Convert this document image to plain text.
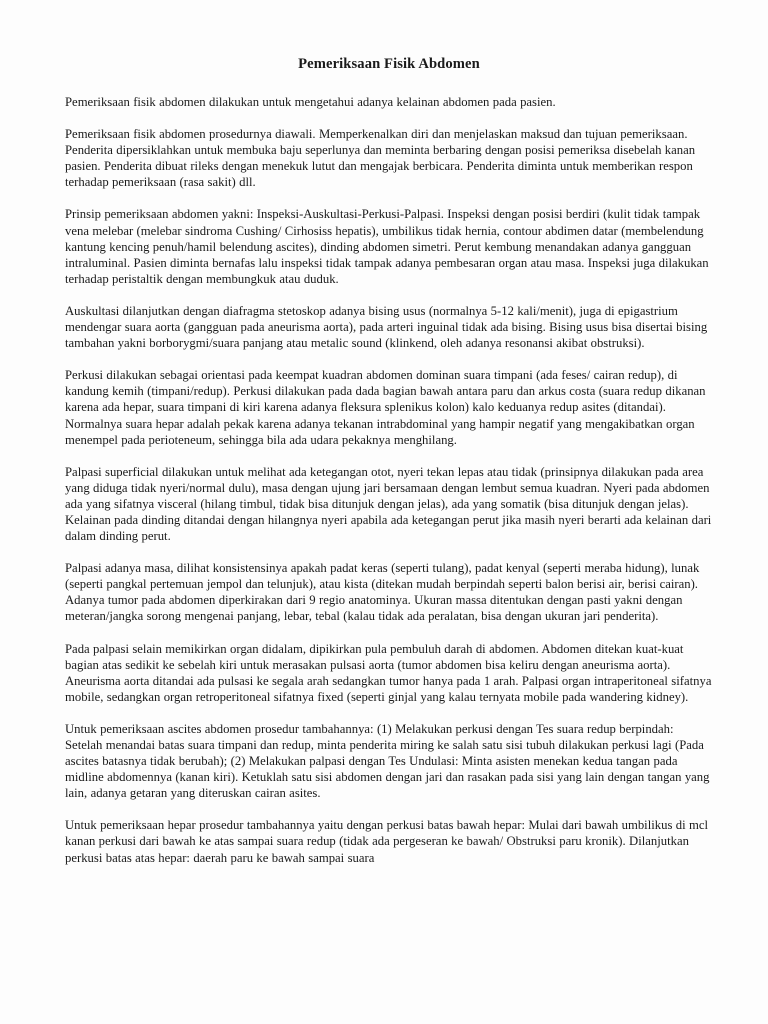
Pemeriksaan Fisik Abdomen

Pemeriksaan fisik abdomen dilakukan untuk mengetahui adanya kelainan abdomen pada pasien.

Pemeriksaan fisik abdomen prosedurnya diawali. Memperkenalkan diri dan menjelaskan maksud dan tujuan pemeriksaan. Penderita dipersiklahkan untuk membuka baju seperlunya dan meminta berbaring dengan posisi pemeriksa disebelah kanan pasien. Penderita dibuat rileks dengan menekuk lutut dan mengajak berbicara. Penderita diminta untuk memberikan respon terhadap pemeriksaan (rasa sakit) dll.

Prinsip pemeriksaan abdomen yakni: Inspeksi-Auskultasi-Perkusi-Palpasi. Inspeksi dengan posisi berdiri (kulit tidak tampak vena melebar (melebar sindroma Cushing/ Cirhosiss hepatis), umbilikus tidak hernia, contour abdimen datar (membelendung kantung kencing penuh/hamil belendung ascites), dinding abdomen simetri. Perut kembung menandakan adanya gangguan intraluminal. Pasien diminta bernafas lalu inspeksi tidak tampak adanya pembesaran organ atau masa. Inspeksi juga dilakukan terhadap peristaltik dengan membungkuk atau duduk.

Auskultasi dilanjutkan dengan diafragma stetoskop adanya bising usus (normalnya 5-12 kali/menit), juga di epigastrium mendengar suara aorta (gangguan pada aneurisma aorta), pada arteri inguinal tidak ada bising. Bising usus bisa disertai bising tambahan yakni borborygmi/suara panjang atau metalic sound (klinkend, oleh adanya resonansi akibat obstruksi).

Perkusi dilakukan sebagai orientasi pada keempat kuadran abdomen dominan suara timpani (ada feses/ cairan redup), di kandung kemih (timpani/redup). Perkusi dilakukan pada dada bagian bawah antara paru dan arkus costa (suara redup dikanan karena ada hepar, suara timpani di kiri karena adanya fleksura splenikus kolon) kalo keduanya redup asites (ditandai). Normalnya suara hepar adalah pekak karena adanya tekanan intrabdominal yang hampir negatif yang mengakibatkan organ menempel pada perioteneum, sehingga bila ada udara pekaknya menghilang.

Palpasi superficial dilakukan untuk melihat ada ketegangan otot, nyeri tekan lepas atau tidak (prinsipnya dilakukan pada area yang diduga tidak nyeri/normal dulu), masa dengan ujung jari bersamaan dengan lembut semua kuadran. Nyeri pada abdomen ada yang sifatnya visceral (hilang timbul, tidak bisa ditunjuk dengan jelas), ada yang somatik (bisa ditunjuk dengan jelas). Kelainan pada dinding ditandai dengan hilangnya nyeri apabila ada ketegangan perut jika masih nyeri berarti ada kelainan dari dalam dinding perut.

Palpasi adanya masa, dilihat konsistensinya apakah padat keras (seperti tulang), padat kenyal (seperti meraba hidung), lunak (seperti pangkal pertemuan jempol dan telunjuk), atau kista (ditekan mudah berpindah seperti balon berisi air, berisi cairan). Adanya tumor pada abdomen diperkirakan dari 9 regio anatominya. Ukuran massa ditentukan dengan pasti yakni dengan meteran/jangka sorong mengenai panjang, lebar, tebal (kalau tidak ada peralatan, bisa dengan ukuran jari penderita).

Pada palpasi selain memikirkan organ didalam, dipikirkan pula pembuluh darah di abdomen. Abdomen ditekan kuat-kuat bagian atas sedikit ke sebelah kiri untuk merasakan pulsasi aorta (tumor abdomen bisa keliru dengan aneurisma aorta). Aneurisma aorta ditandai ada pulsasi ke segala arah sedangkan tumor hanya pada 1 arah. Palpasi organ intraperitoneal sifatnya mobile, sedangkan organ retroperitoneal sifatnya fixed (seperti ginjal yang kalau ternyata mobile pada wandering kidney).

Untuk pemeriksaan ascites abdomen prosedur tambahannya: (1) Melakukan perkusi dengan Tes suara redup berpindah: Setelah menandai batas suara timpani dan redup, minta penderita miring ke salah satu sisi tubuh dilakukan perkusi lagi (Pada ascites batasnya tidak berubah); (2) Melakukan palpasi dengan Tes Undulasi: Minta asisten menekan kedua tangan pada midline abdomennya (kanan kiri). Ketuklah satu sisi abdomen dengan jari dan rasakan pada sisi yang lain dengan tangan yang lain, adanya getaran yang diteruskan cairan asites.

Untuk pemeriksaan hepar prosedur tambahannya yaitu dengan perkusi batas bawah hepar: Mulai dari bawah umbilikus di mcl kanan perkusi dari bawah ke atas sampai suara redup (tidak ada pergeseran ke bawah/ Obstruksi paru kronik). Dilanjutkan perkusi batas atas hepar: daerah paru ke bawah sampai suara
